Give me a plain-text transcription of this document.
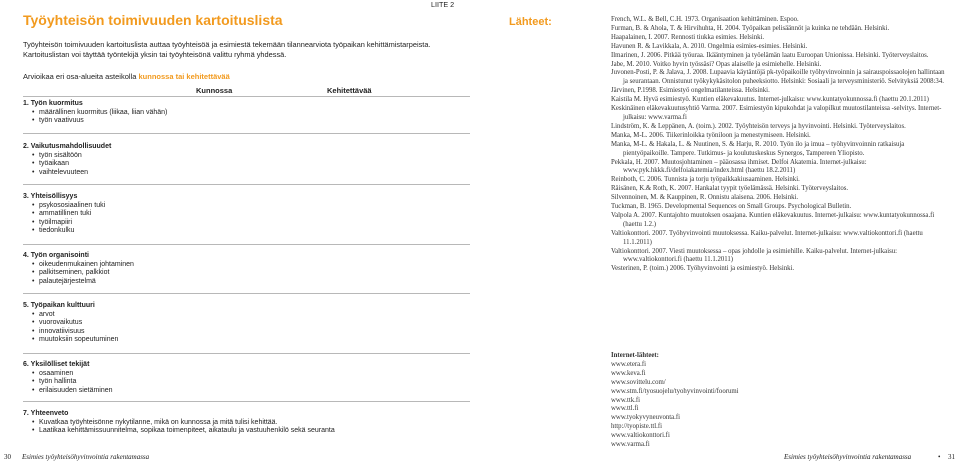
LIITE 2
Työyhteisön toimivuuden kartoituslista
Työyhteisön toimivuuden kartoituslista auttaa työyhteisöä ja esimiestä tekemään tilannearviota työpaikan kehittämistarpeista.
Kartoituslistan voi täyttää työntekijä yksin tai työyhteisönä valittu ryhmä yhdessä.
Arvioikaa eri osa-alueita asteikolla kunnossa tai kehitettävää
Kunnossa	Kehitettävää
1. Työn kuormitus
• määrällinen kuormitus (liikaa, liian vähän)
• työn vaativuus
2. Vaikutusmahdollisuudet
• työn sisältöön
• työaikaan
• vaihtelevuuteen
3. Yhteisöllisyys
• psykososiaalinen tuki
• ammatillinen tuki
• työilmapiiri
• tiedonkulku
4. Työn organisointi
• oikeudenmukainen johtaminen
• palkitseminen, palkkiot
• palautejärjestelmä
5. Työpaikan kulttuuri
• arvot
• vuorovaikutus
• innovatiivisuus
• muutoksiin sopeutuminen
6. Yksilölliset tekijät
• osaaminen
• työn hallinta
• erilaisuuden sietäminen
7. Yhteenveto
• Kuvatkaa työyhteisönne nykytilanne, mikä on kunnossa ja mitä tulisi kehittää.
• Laatikaa kehittämissuunnitelma, sopikaa toimenpiteet, aikataulu ja vastuuhenkilö sekä seuranta
30 Esimies työyhteisöhyvinvointia rakentamassa
Lähteet:	French, W.L. & Bell, C.H. 1973. Organisaation kehittäminen. Espoo.
Furman, B. & Ahola, T. & Hirvihuhta, H. 2004. Työpaikan pelisäännöt ja kuinka ne tehdään. Helsinki.
Haapalainen, I. 2007. Rennosti tiukka esimies. Helsinki.
Havunen R. & Lavikkala, A. 2010. Ongelmia esimies-esimies. Helsinki.
Ilmarinen, J. 2006. Pitkää työuraa. Ikääntyminen ja työelämän laatu Euroopan Unionissa. Helsinki. Työterveyslaitos.
Jabe, M. 2010. Voitko hyvin työssäsi? Opas alaiselle ja esimiehelle. Helsinki.
Juvonen-Posti, P. & Jalava, J. 2008. Lupaavia käytäntöjä pk-työpaikoille työhyvinvoinnin ja sairauspoissaolojen hallintaan ja seurantaan. Onnistunut työkykykäsitolon puheeksiotto. Helsinki: Sosiaali ja terveysministeriö. Selvityksiä 2008:34.
Järvinen, P.1998. Esimiestyö ongelmatilanteissa. Helsinki.
Kaistila M. Hyvä esimiestyö. Kuntien eläkevakuutus. Internet-julkaisu: www.kuntatyokunnossa.fi (haettu 20.1.2011)
Keskinäinen eläkevakuutusyhtiö Varma. 2007. Esimiestyön kipukohdat ja valopilkut muutostilanteissa -selvitys. Internet-julkaisu: www.varma.fi
Lindström, K. & Leppänen, A. (toim.). 2002. Työyhteisön terveys ja hyvinvointi. Helsinki. Työterveyslaitos.
Manka, M-L. 2006. Tiikerinloikka työniloon ja menestymiseen. Helsinki.
Manka, M-L. & Hakala, L. & Nuutinen, S. & Harju, R. 2010. Työn ilo ja imua – työhyvinvoinnin ratkaisuja pientyöpaikoille. Tampere. Tutkimus- ja koulutuskeskus Synergos, Tampereen Yliopisto.
Pekkala, H. 2007. Muutosjohtaminen – pääosassa ihmiset. Delfoi Akatemia. Internet-julkaisu: www.pyk.hkkk.fi/delfoiakatemia/index.html (haettu 18.2.2011)
Reinboth, C. 2006. Tunnista ja torju työpaikkakiusaaminen. Helsinki.
Räisänen, K.& Roth, K. 2007. Hankalat tyypit työelämässä. Helsinki. Työterveyslaitos.
Silvennoinen, M. & Kauppinen, R. Onnistu alaisena. 2006. Helsinki.
Tuckman, B. 1965. Developmental Sequences on Small Groups. Psychological Bulletin.
Valpola A. 2007. Kuntajohto muutoksen osaajana. Kuntien eläkevakuutus. Internet-julkaisu: www.kuntatyokunnossa.fi (haettu 1.2.)
Valtiokonttori. 2007. Työhyvinvointi muutoksessa. Kaiku-palvelut. Internet-julkaisu: www.valtiokonttori.fi (haettu 11.1.2011)
Valtiokonttori. 2007. Viesti muutoksessa – opas johdolle ja esimiehille. Kaiku-palvelut. Internet-julkaisu: www.valtiokonttori.fi (haettu 11.1.2011)
Vesterinen, P. (toim.) 2006. Työhyvinvointi ja esimiestyö. Helsinki.
Internet-lähteet:
www.etera.fi
www.keva.fi
www.sovittelu.com/
www.stm.fi/tyosuojelu/tyohyvinvointi/foorumi
www.ttk.fi
www.ttl.fi
www.tyokyvyneuvonta.fi
http://tyopiste.ttl.fi
www.valtiokonttori.fi
www.varma.fi
Esimies työyhteisöhyvinvointia rakentamassa	• 31
